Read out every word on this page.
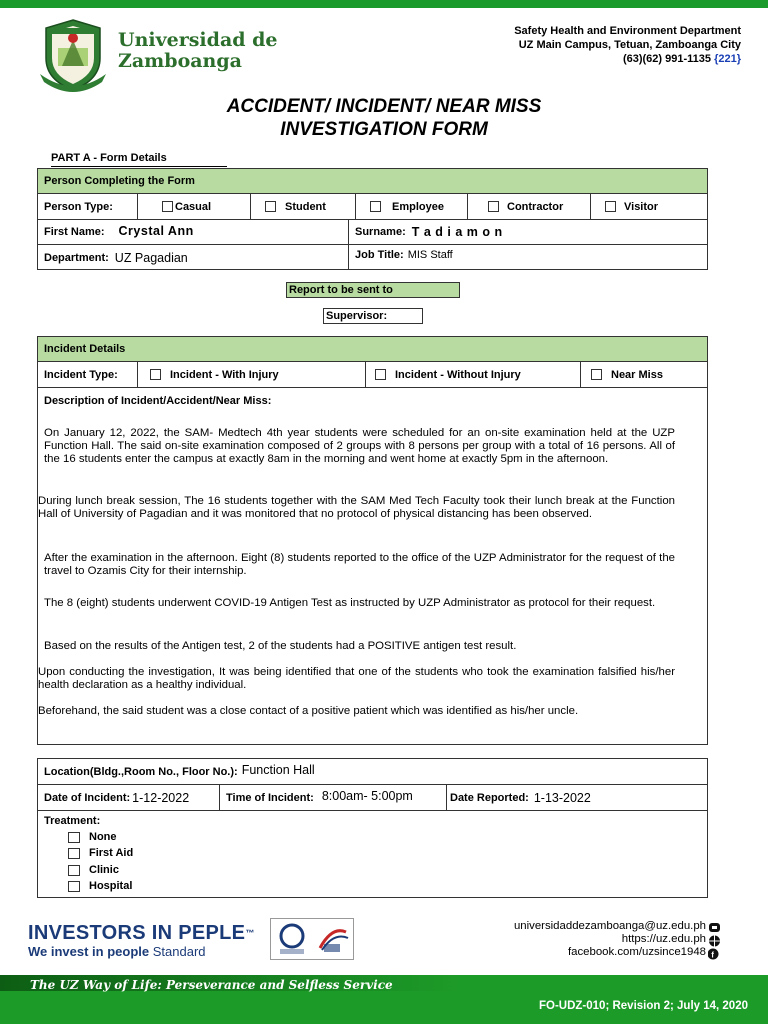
Universidad de
Zamboanga
Safety Health and Environment Department
UZ Main Campus, Tetuan, Zamboanga City
(63)(62) 991-1135 {221}
ACCIDENT/ INCIDENT/ NEAR MISS
INVESTIGATION FORM
PART A - Form Details
Person Completing the Form
Person Type:	Casual	Student	Employee	Contractor	Visitor
First Name: Crystal Ann	Surname: T a d i a m o n
Department: UZ Pagadian	Job Title: MIS Staff
Report to be sent to
Supervisor:
Incident Details
Incident Type:	Incident - With Injury	Incident - Without Injury	Near Miss
Description of Incident/Accident/Near Miss:
On January 12, 2022, the SAM- Medtech 4th year students were scheduled for an on-site examination held at the UZP Function Hall. The said on-site examination composed of 2 groups with 8 persons per group with a total of 16 persons. All of the 16 students enter the campus at exactly 8am in the morning and went home at exactly 5pm in the afternoon.
During lunch break session, The 16 students together with the SAM Med Tech Faculty took their lunch break at the Function Hall of University of Pagadian and it was monitored that no protocol of physical distancing has been observed.
After the examination in the afternoon. Eight (8) students reported to the office of the UZP Administrator for the request of the travel to Ozamis City for their internship.
The 8 (eight) students underwent COVID-19 Antigen Test as instructed by UZP Administrator as protocol for their request.
Based on the results of the Antigen test, 2 of the students had a POSITIVE antigen test result.
Upon conducting the investigation, It was being identified that one of the students who took the examination falsified his/her health declaration as a healthy individual.
Beforehand, the said student was a close contact of a positive patient which was identified as his/her uncle.
Location(Bldg.,Room No., Floor No.): Function Hall
Date of Incident: 1-12-2022	Time of Incident: 8:00am- 5:00pm	Date Reported: 1-13-2022
Treatment:
None
First Aid
Clinic
Hospital
INVESTORS IN PEPLE™
We invest in people Standard
universidaddezamboanga@uz.edu.ph
https://uz.edu.ph
facebook.com/uzsince1948 f
The UZ Way of Life: Perseverance and Selfless Service
FO-UDZ-010; Revision 2; July 14, 2020
